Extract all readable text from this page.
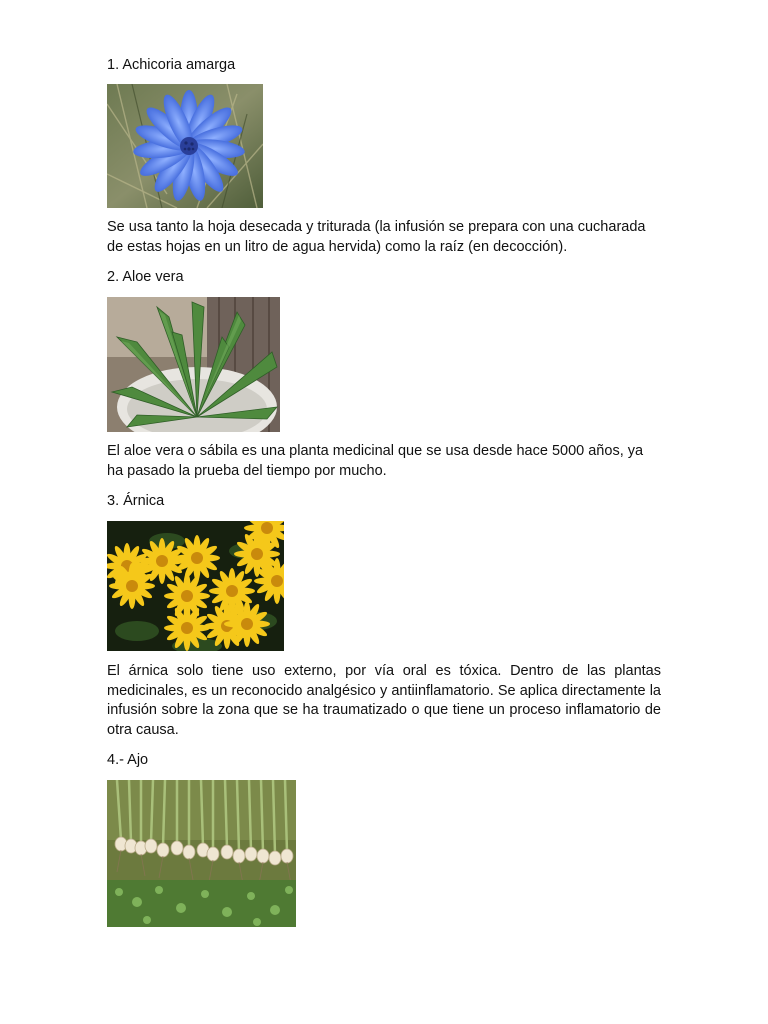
1. Achicoria amarga
Se usa tanto la hoja desecada y triturada (la infusión se prepara con una cucharada de estas hojas en un litro de agua hervida) como la raíz (en decocción).
2. Aloe vera
El aloe vera o sábila es una planta medicinal que se usa desde hace 5000 años, ya ha pasado la prueba del tiempo por mucho.
3. Árnica
El árnica solo tiene uso externo, por vía oral es tóxica. Dentro de las plantas medicinales, es un reconocido analgésico y antiinflamatorio. Se aplica directamente la infusión sobre la zona que se ha traumatizado o que tiene un proceso inflamatorio de otra causa.
4.- Ajo
